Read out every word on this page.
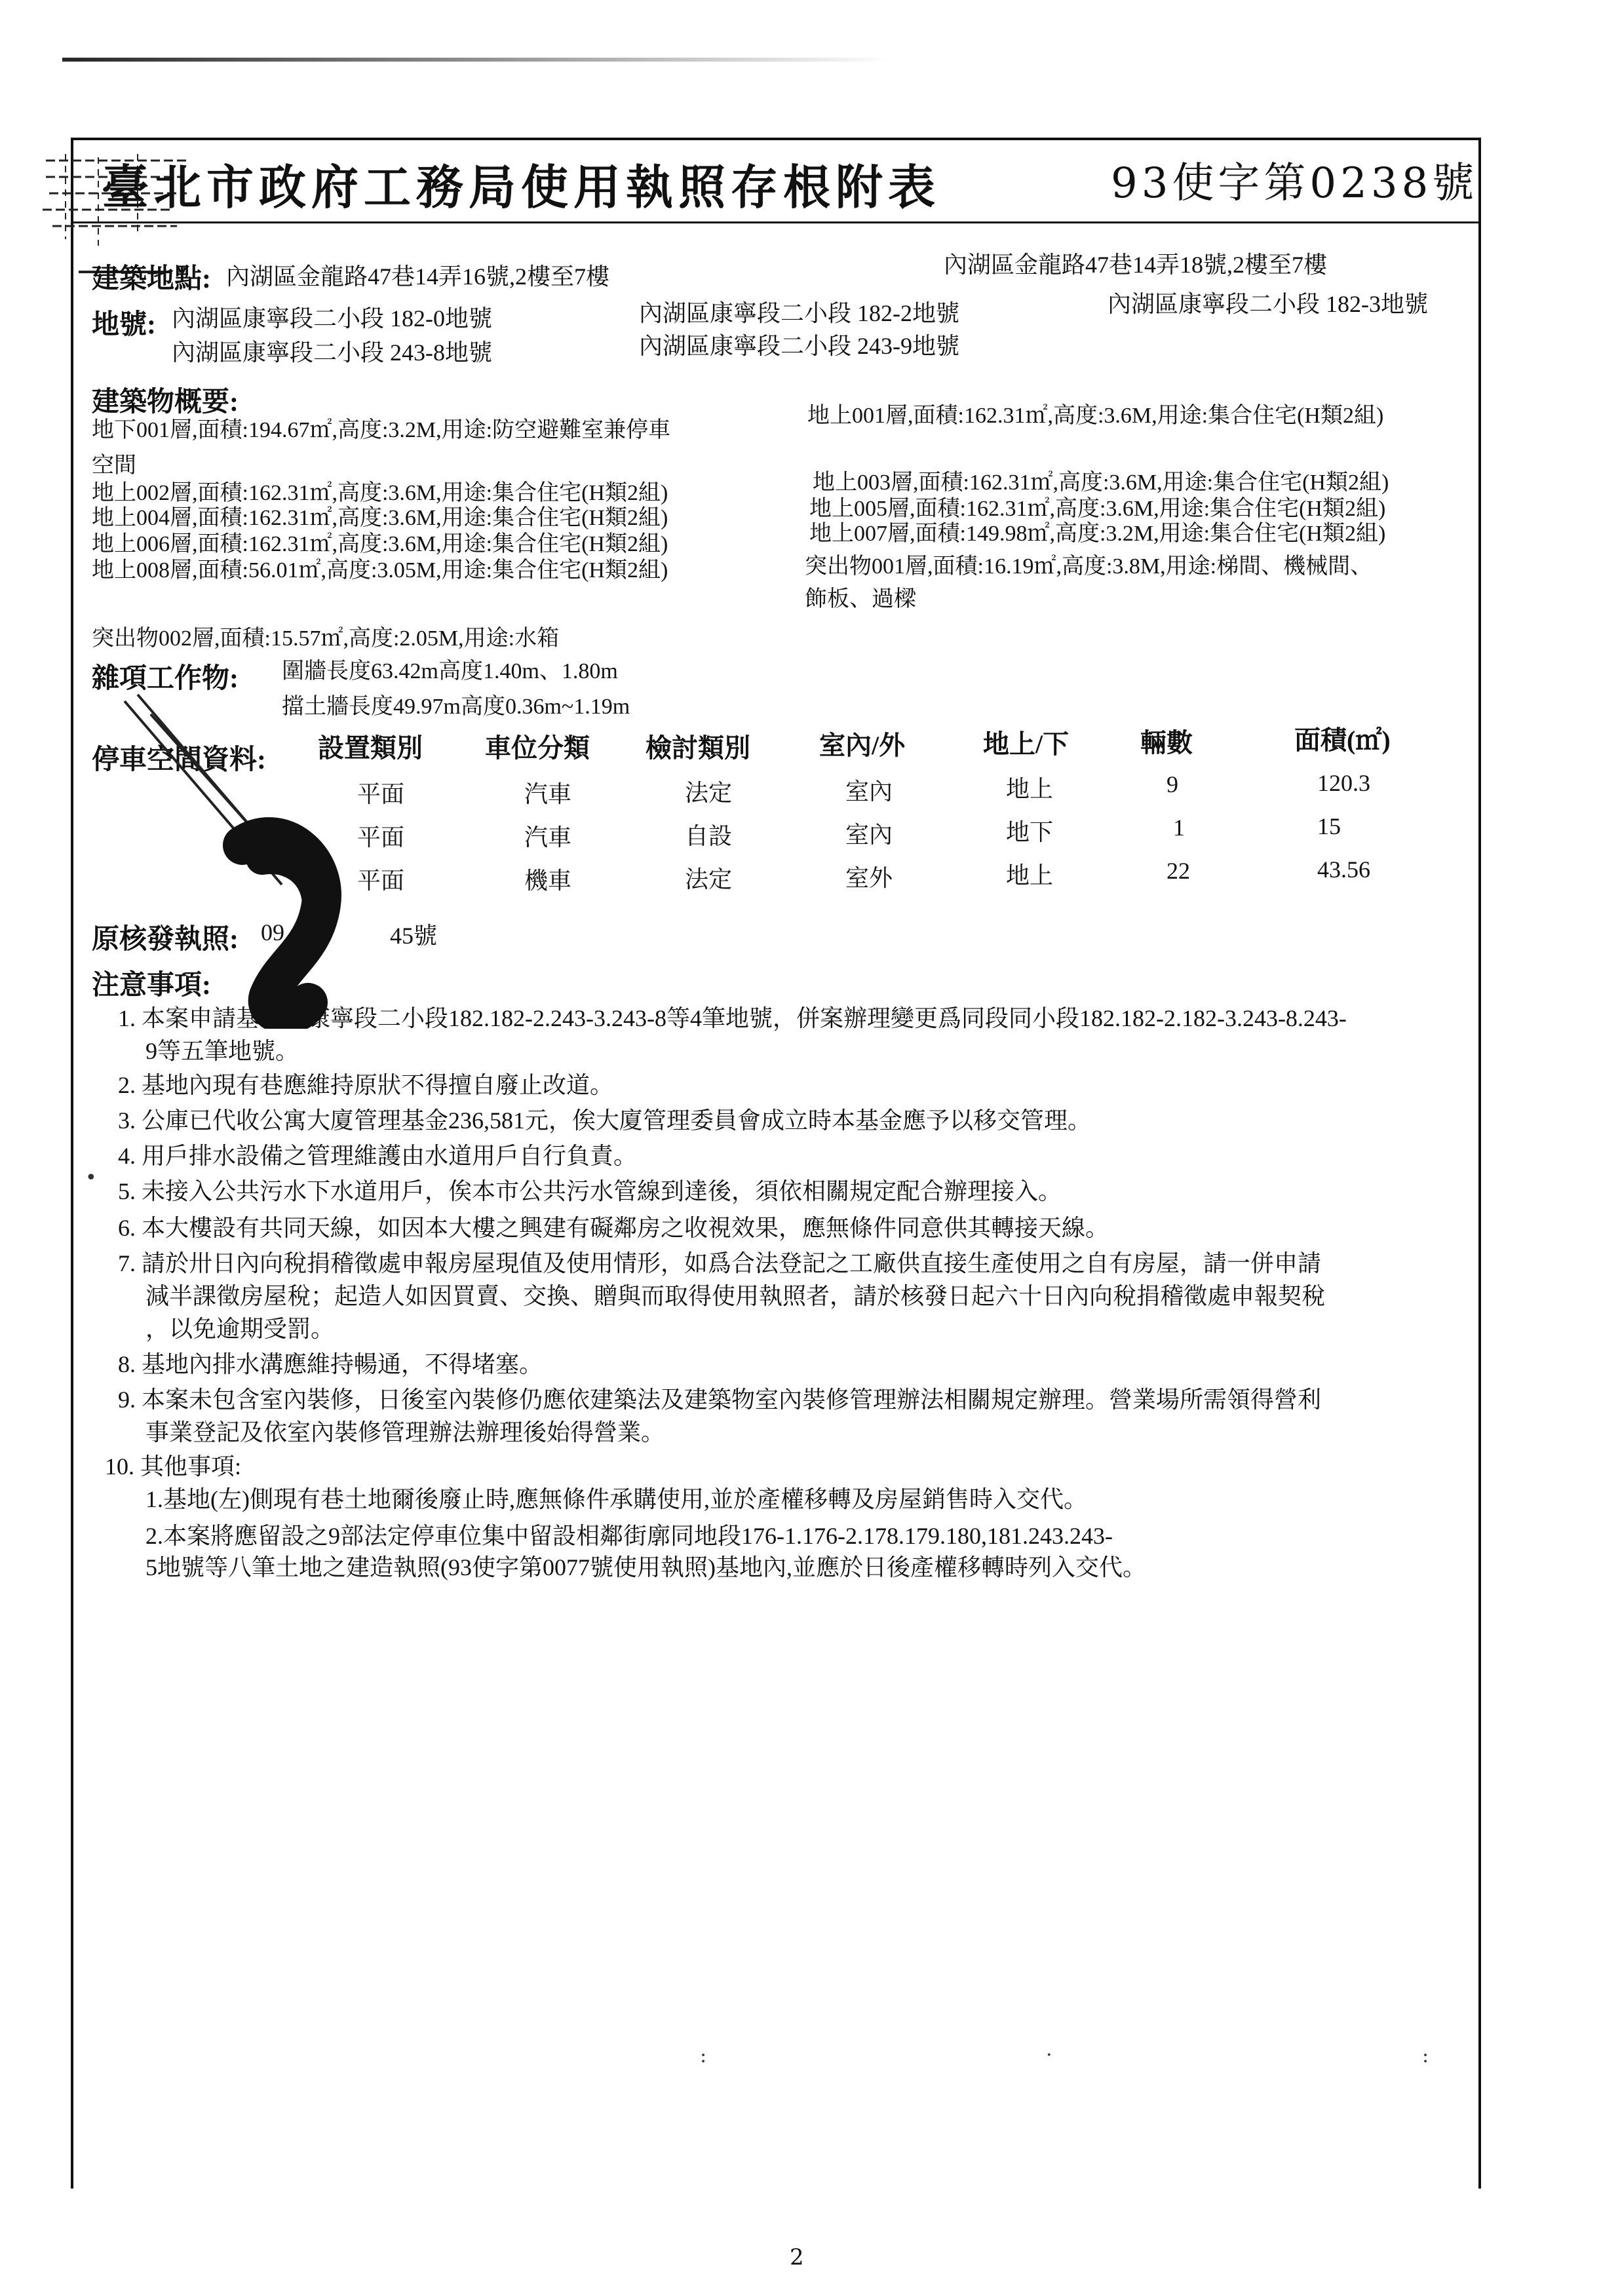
臺北市政府工務局使用執照存根附表	93使字第0238號
建築地點: 內湖區金龍路47巷14弄16號,2樓至7樓	內湖區金龍路47巷14弄18號,2樓至7樓
地號: 內湖區康寧段二小段 182-0地號	內湖區康寧段二小段 182-2地號	內湖區康寧段二小段 182-3地號
內湖區康寧段二小段 243-8地號	內湖區康寧段二小段 243-9地號
建築物概要:
地下001層,面積:194.67㎡,高度:3.2M,用途:防空避難室兼停車
空間
地上001層,面積:162.31㎡,高度:3.6M,用途:集合住宅(H類2組)
地上002層,面積:162.31㎡,高度:3.6M,用途:集合住宅(H類2組)	地上003層,面積:162.31㎡,高度:3.6M,用途:集合住宅(H類2組)
地上004層,面積:162.31㎡,高度:3.6M,用途:集合住宅(H類2組)	地上005層,面積:162.31㎡,高度:3.6M,用途:集合住宅(H類2組)
地上006層,面積:162.31㎡,高度:3.6M,用途:集合住宅(H類2組)	地上007層,面積:149.98㎡,高度:3.2M,用途:集合住宅(H類2組)
地上008層,面積:56.01㎡,高度:3.05M,用途:集合住宅(H類2組)	突出物001層,面積:16.19㎡,高度:3.8M,用途:梯間、機械間、
飾板、過樑
突出物002層,面積:15.57㎡,高度:2.05M,用途:水箱
雜項工作物: 圍牆長度63.42m高度1.40m、1.80m
擋土牆長度49.97m高度0.36m~1.19m
停車空間資料: 設置類別 車位分類 檢討類別	室內/外	地上/下	輛數	面積(㎡)
平面	汽車	法定	室內	地上	9	120.3
平面	汽車	自設	室內	地下	1	15
平面	機車	法定	室外	地上	22	43.56
原核發執照: 09	45號
注意事項:
1. 本案申請基地原康寧段二小段182.182-2.243-3.243-8等4筆地號，併案辦理變更爲同段同小段182.182-2.182-3.243-8.243-
9等五筆地號。
2. 基地內現有巷應維持原狀不得擅自廢止改道。
3. 公庫已代收公寓大廈管理基金236,581元，俟大廈管理委員會成立時本基金應予以移交管理。
4. 用戶排水設備之管理維護由水道用戶自行負責。
5. 未接入公共污水下水道用戶，俟本市公共污水管線到達後，須依相關規定配合辦理接入。
6. 本大樓設有共同天線，如因本大樓之興建有礙鄰房之收視效果，應無條件同意供其轉接天線。
7. 請於卅日內向稅捐稽徵處申報房屋現值及使用情形，如爲合法登記之工廠供直接生產使用之自有房屋，請一併申請
減半課徵房屋稅；起造人如因買賣、交換、贈與而取得使用執照者，請於核發日起六十日內向稅捐稽徵處申報契稅
，以免逾期受罰。
8. 基地內排水溝應維持暢通，不得堵塞。
9. 本案未包含室內裝修，日後室內裝修仍應依建築法及建築物室內裝修管理辦法相關規定辦理。營業場所需領得營利
事業登記及依室內裝修管理辦法辦理後始得營業。
10. 其他事項:
1.基地(左)側現有巷土地爾後廢止時,應無條件承購使用,並於產權移轉及房屋銷售時入交代。
2.本案將應留設之9部法定停車位集中留設相鄰街廓同地段176-1.176-2.178.179.180,181.243.243-
5地號等八筆土地之建造執照(93使字第0077號使用執照)基地內,並應於日後產權移轉時列入交代。
•
:	.	:
2
